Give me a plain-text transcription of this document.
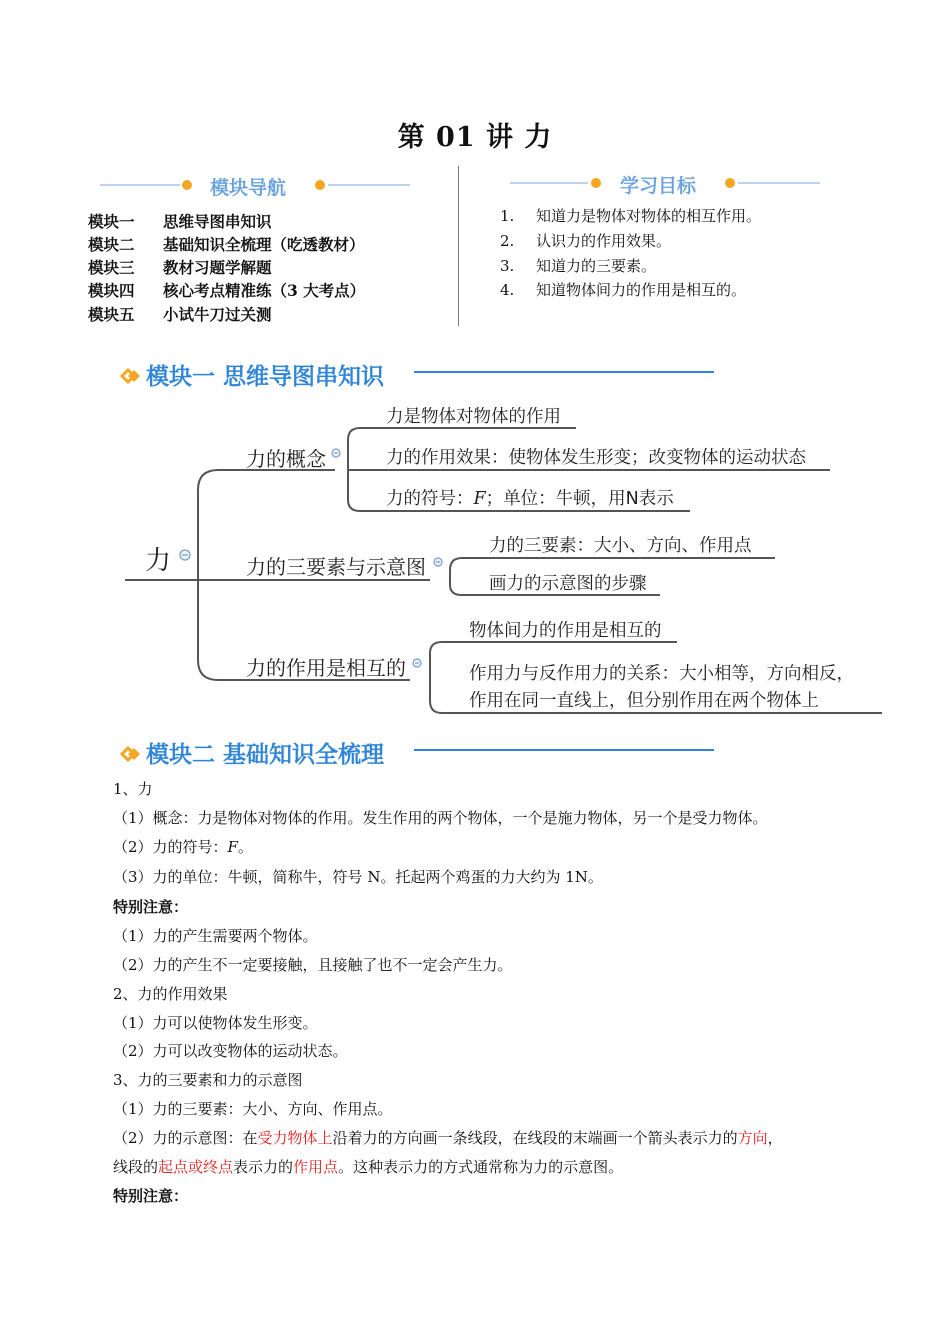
第 01 讲 力
模块导航
模块一 思维导图串知识
模块二 基础知识全梳理（吃透教材）
模块三 教材习题学解题
模块四 核心考点精准练（3 大考点）
模块五 小试牛刀过关测
学习目标
1. 知道力是物体对物体的相互作用。
2. 认识力的作用效果。
3. 知道力的三要素。
4. 知道物体间力的作用是相互的。
模块一 思维导图串知识
力
力的概念
力是物体对物体的作用
力的作用效果：使物体发生形变；改变物体的运动状态
力的符号：F；单位：牛顿，用N表示
力的三要素与示意图
力的三要素：大小、方向、作用点
画力的示意图的步骤
力的作用是相互的
物体间力的作用是相互的
作用力与反作用力的关系：大小相等，方向相反，
作用在同一直线上，但分别作用在两个物体上
模块二 基础知识全梳理
1、力
（1）概念：力是物体对物体的作用。发生作用的两个物体，一个是施力物体，另一个是受力物体。
（2）力的符号：F。
（3）力的单位：牛顿，简称牛，符号 N。托起两个鸡蛋的力大约为 1N。
特别注意：
（1）力的产生需要两个物体。
（2）力的产生不一定要接触，且接触了也不一定会产生力。
2、力的作用效果
（1）力可以使物体发生形变。
（2）力可以改变物体的运动状态。
3、力的三要素和力的示意图
（1）力的三要素：大小、方向、作用点。
（2）力的示意图：在受力物体上沿着力的方向画一条线段，在线段的末端画一个箭头表示力的方向，
线段的起点或终点表示力的作用点。这种表示力的方式通常称为力的示意图。
特别注意：
